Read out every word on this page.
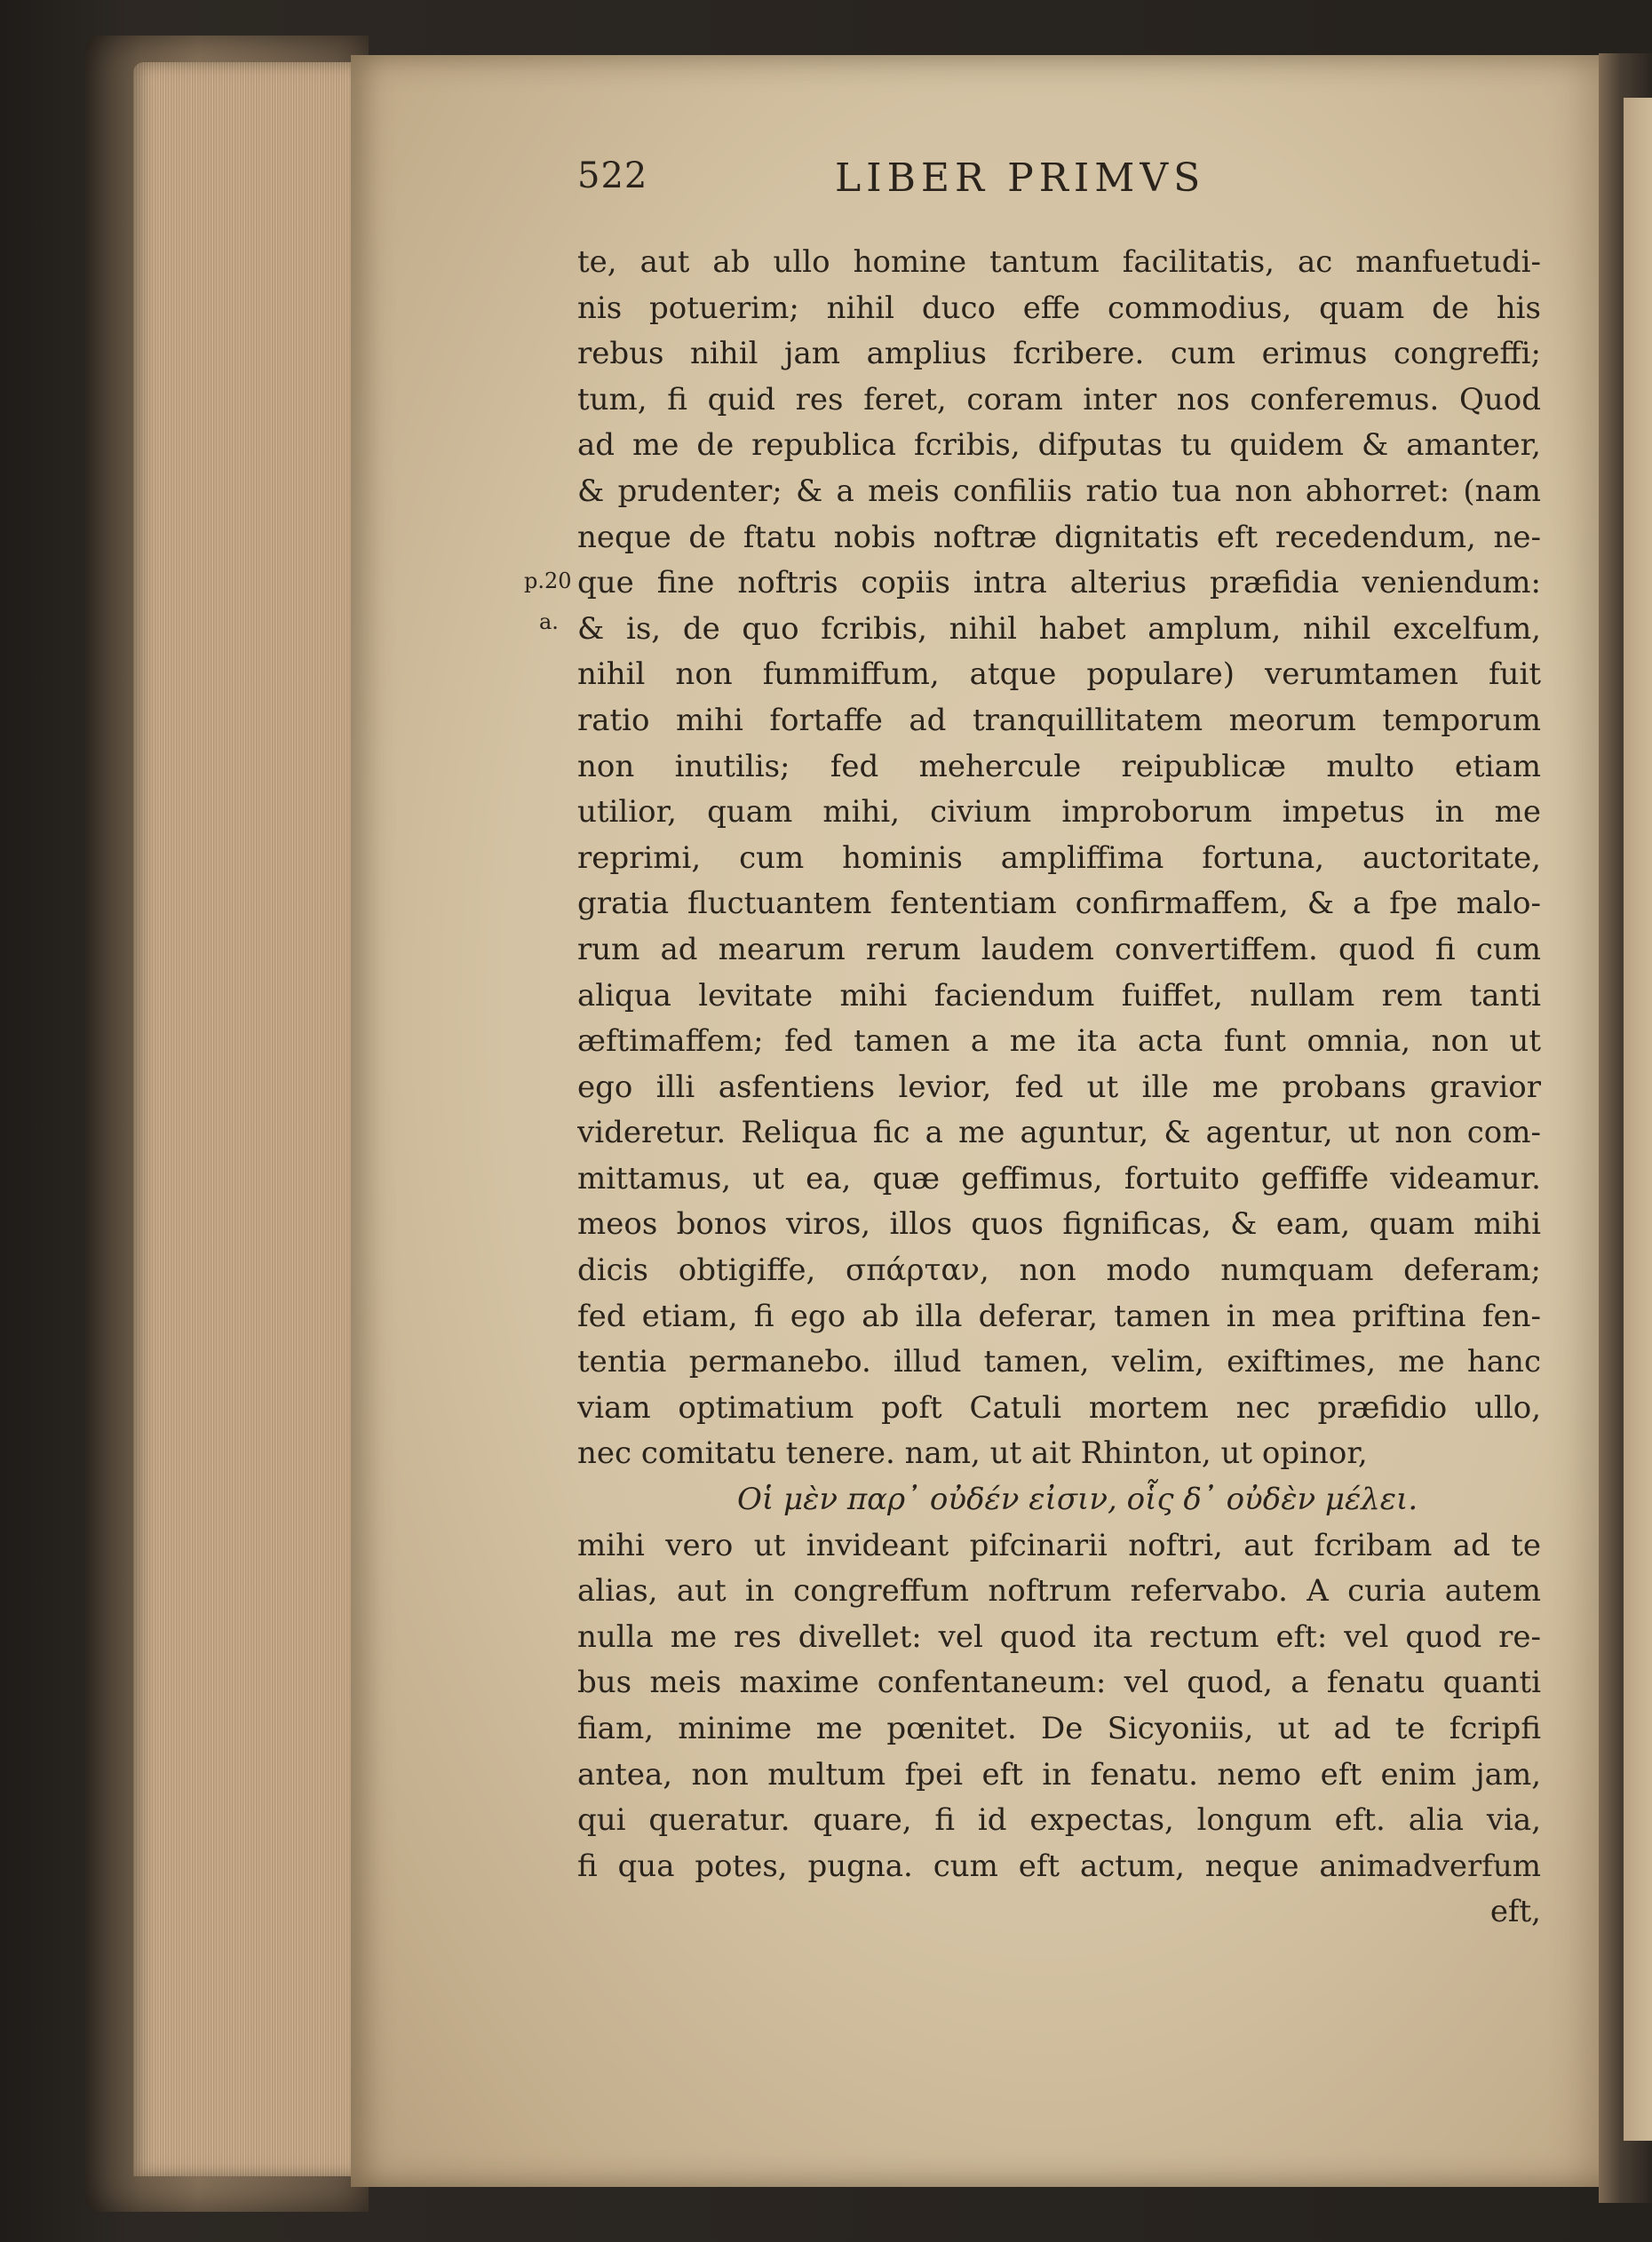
522	LIBER PRIMVS
p.20
a.
te, aut ab ullo homine tantum facilitatis, ac manfuetudi-
nis potuerim; nihil duco effe commodius, quam de his
rebus nihil jam amplius fcribere. cum erimus congreffi;
tum, fi quid res feret, coram inter nos conferemus. Quod
ad me de republica fcribis, difputas tu quidem & amanter,
& prudenter; & a meis confiliis ratio tua non abhorret: (nam
neque de ftatu nobis noftræ dignitatis eft recedendum, ne-
que fine noftris copiis intra alterius præfidia veniendum:
& is, de quo fcribis, nihil habet amplum, nihil excelfum,
nihil non fummiffum, atque populare) verumtamen fuit
ratio mihi fortaffe ad tranquillitatem meorum temporum
non inutilis; fed mehercule reipublicæ multo etiam
utilior, quam mihi, civium improborum impetus in me
reprimi, cum hominis ampliffima fortuna, auctoritate,
gratia fluctuantem fententiam confirmaffem, & a fpe malo-
rum ad mearum rerum laudem convertiffem. quod fi cum
aliqua levitate mihi faciendum fuiffet, nullam rem tanti
æftimaffem; fed tamen a me ita acta funt omnia, non ut
ego illi asfentiens levior, fed ut ille me probans gravior
videretur. Reliqua fic a me aguntur, & agentur, ut non com-
mittamus, ut ea, quæ geffimus, fortuito geffiffe videamur.
meos bonos viros, illos quos fignificas, & eam, quam mihi
dicis obtigiffe, σπάρταν, non modo numquam deferam;
fed etiam, fi ego ab illa deferar, tamen in mea priftina fen-
tentia permanebo. illud tamen, velim, exiftimes, me hanc
viam optimatium poft Catuli mortem nec præfidio ullo,
nec comitatu tenere. nam, ut ait Rhinton, ut opinor,
Οἱ μὲν παρ᾽ οὐδέν εἰσιν, οἷς δ᾽ οὐδὲν μέλει.
mihi vero ut invideant pifcinarii noftri, aut fcribam ad te
alias, aut in congreffum noftrum refervabo. A curia autem
nulla me res divellet: vel quod ita rectum eft: vel quod re-
bus meis maxime confentaneum: vel quod, a fenatu quanti
fiam, minime me pœnitet. De Sicyoniis, ut ad te fcripfi
antea, non multum fpei eft in fenatu. nemo eft enim jam,
qui queratur. quare, fi id expectas, longum eft. alia via,
fi qua potes, pugna. cum eft actum, neque animadverfum
eft,
